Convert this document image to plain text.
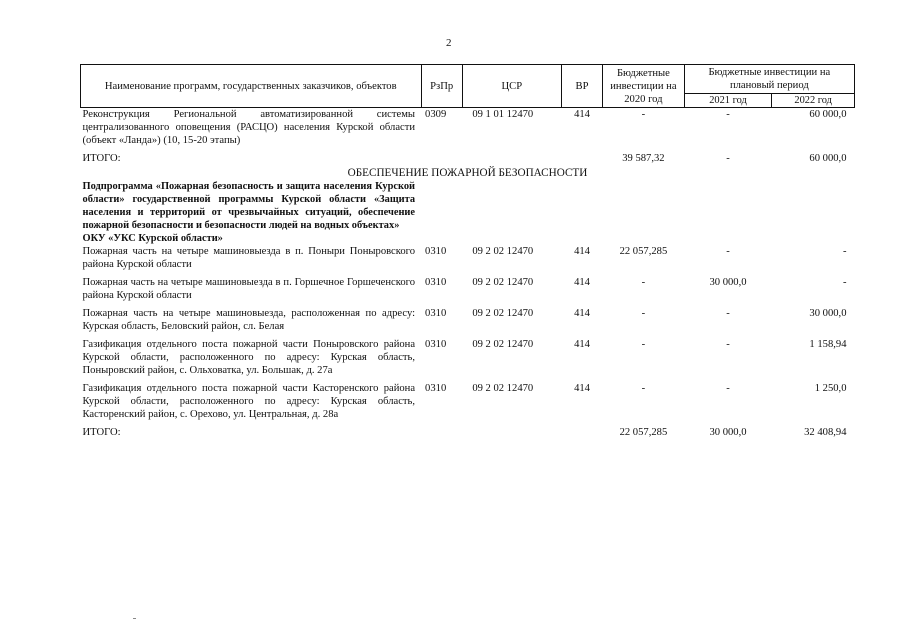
2
Наименование программ, государственных заказчиков, объектов	РзПр	ЦСР	ВР	Бюджетные инвестиции на 2020 год	Бюджетные инвестиции на плановый период	
					2021 год	2022 год
Реконструкция Региональной автоматизированной системы централизованного оповещения (РАСЦО) населения Курской области (объект «Ланда») (10, 15-20 этапы)	0309	09 1 01 12470	414	-	-	60 000,0
ИТОГО:				39 587,32	-	60 000,0
ОБЕСПЕЧЕНИЕ ПОЖАРНОЙ БЕЗОПАСНОСТИ						
Подпрограмма «Пожарная безопасность и защита населения Курской области» государственной программы Курской области «Защита населения и территорий от чрезвычайных ситуаций, обеспечение пожарной безопасности и безопасности людей на водных объектах»						
ОКУ «УКС Курской области»						
Пожарная часть на четыре машиновыезда в п. Поныри Поныровского района Курской области	0310	09 2 02 12470	414	22 057,285	-	-
Пожарная часть на четыре машиновыезда в п. Горшечное Горшеченского района Курской области	0310	09 2 02 12470	414	-	30 000,0	-
Пожарная часть на четыре машиновыезда, расположенная по адресу: Курская область, Беловский район, сл. Белая	0310	09 2 02 12470	414	-	-	30 000,0
Газификация отдельного поста пожарной части Поныровского района Курской области, расположенного по адресу: Курская область, Поныровский район, с. Ольховатка, ул. Большак, д. 27а	0310	09 2 02 12470	414	-	-	1 158,94
Газификация отдельного поста пожарной части Касторенского района Курской области, расположенного по адресу: Курская область, Касторенский район, с. Орехово, ул. Центральная, д. 28а	0310	09 2 02 12470	414	-	-	1 250,0
ИТОГО:				22 057,285	30 000,0	32 408,94
